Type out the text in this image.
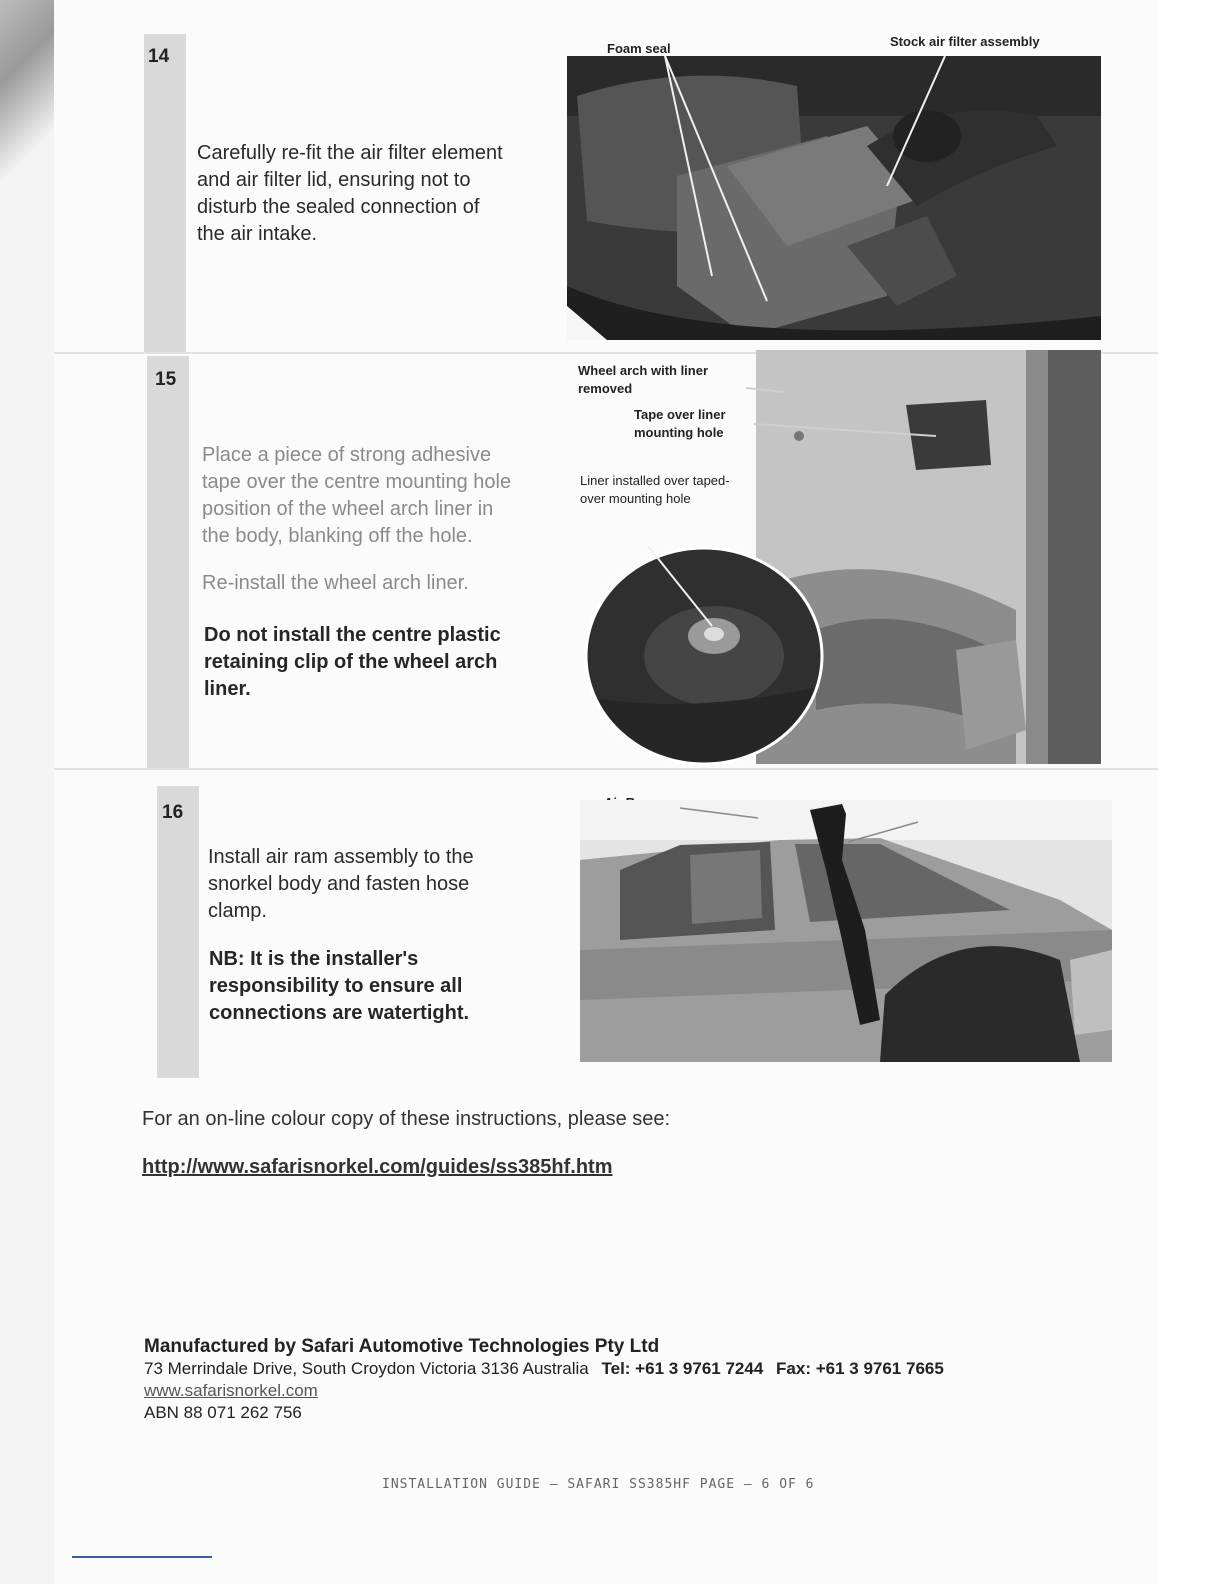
14
Carefully re-fit the air filter element
and air filter lid, ensuring not to
disturb the sealed connection of
the air intake.
Foam seal	Stock air filter assembly
15
Place a piece of strong adhesive
tape over the centre mounting hole
position of the wheel arch liner in
the body, blanking off the hole.
Re-install the wheel arch liner.
Do not install the centre plastic
retaining clip of the wheel arch
liner.
Wheel arch with liner removed
Tape over liner mounting hole
Liner installed over taped-over mounting hole
16
Install air ram assembly to the
snorkel body and fasten hose
clamp.
NB: It is the installer's
responsibility to ensure all
connections are watertight.
For an on-line colour copy of these instructions, please see:
http://www.safarisnorkel.com/guides/ss385hf.htm
Manufactured by Safari Automotive Technologies Pty Ltd
73 Merrindale Drive, South Croydon Victoria 3136 Australia Tel: +61 3 9761 7244 Fax: +61 3 9761 7665
www.safarisnorkel.com
ABN 88 071 262 756
INSTALLATION GUIDE – SAFARI SS385HF PAGE – 6 OF 6
